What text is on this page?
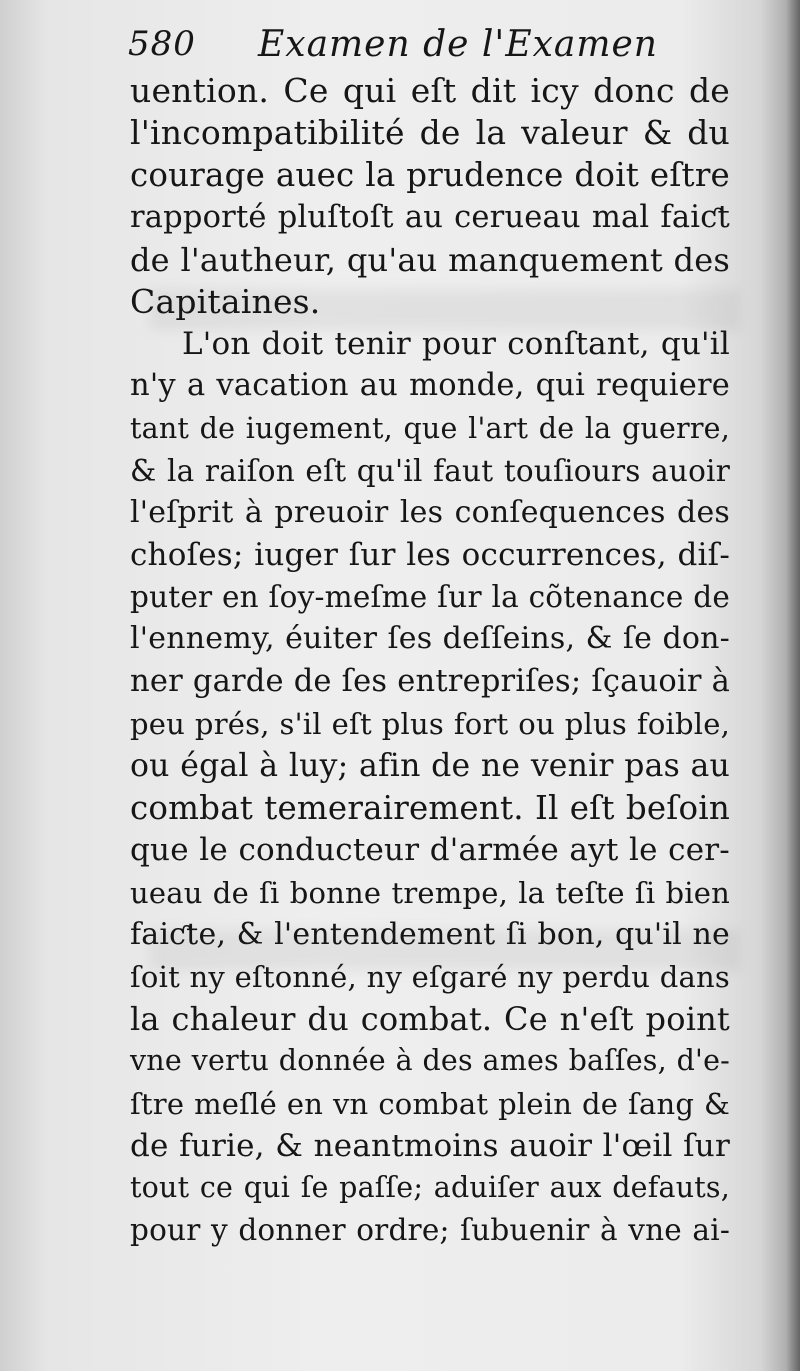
580 Examen de l'Examen
uention. Ce qui eſt dit icy donc de
l'incompatibilité de la valeur & du
courage auec la prudence doit eſtre
rapporté pluſtoſt au cerueau mal faiƈt
de l'autheur, qu'au manquement des
Capitaines.
L'on doit tenir pour conſtant, qu'il
n'y a vacation au monde, qui requiere
tant de iugement, que l'art de la guerre,
& la raiſon eſt qu'il faut touſiours auoir
l'eſprit à preuoir les conſequences des
choſes; iuger ſur les occurrences, diſ-
puter en ſoy-meſme ſur la cõtenance de
l'ennemy, éuiter ſes deſſeins, & ſe don-
ner garde de ſes entrepriſes; ſçauoir à
peu prés, s'il eſt plus fort ou plus foible,
ou égal à luy; afin de ne venir pas au
combat temerairement. Il eſt beſoin
que le conducteur d'armée ayt le cer-
ueau de ſi bonne trempe, la teſte ſi bien
faiƈte, & l'entendement ſi bon, qu'il ne
ſoit ny eſtonné, ny eſgaré ny perdu dans
la chaleur du combat. Ce n'eſt point
vne vertu donnée à des ames baſſes, d'e-
ſtre meſlé en vn combat plein de ſang &
de furie, & neantmoins auoir l'œil ſur
tout ce qui ſe paſſe; aduiſer aux defauts,
pour y donner ordre; ſubuenir à vne ai-
